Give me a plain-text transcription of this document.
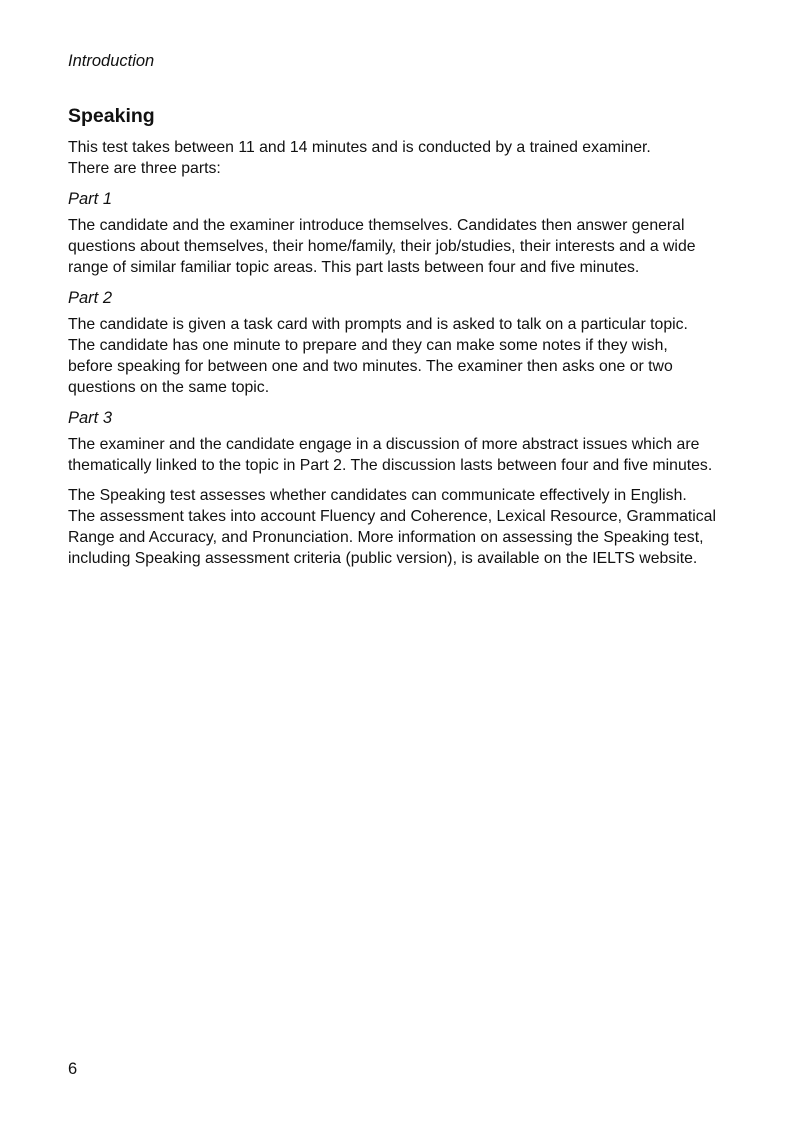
Introduction
Speaking

This test takes between 11 and 14 minutes and is conducted by a trained examiner.

There are three parts:

Part 1

The candidate and the examiner introduce themselves. Candidates then answer general

questions about themselves, their home/family, their job/studies, their interests and a wide

range of similar familiar topic areas. This part lasts between four and five minutes.

Part 2

The candidate is given a task card with prompts and is asked to talk on a particular topic.

The candidate has one minute to prepare and they can make some notes if they wish,

before speaking for between one and two minutes. The examiner then asks one or two

questions on the same topic.

Part 3

The examiner and the candidate engage in a discussion of more abstract issues which are

thematically linked to the topic in Part 2. The discussion lasts between four and five minutes.

The Speaking test assesses whether candidates can communicate effectively in English.

The assessment takes into account Fluency and Coherence, Lexical Resource, Grammatical

Range and Accuracy, and Pronunciation. More information on assessing the Speaking test,

including Speaking assessment criteria (public version), is available on the IELTS website.

6
